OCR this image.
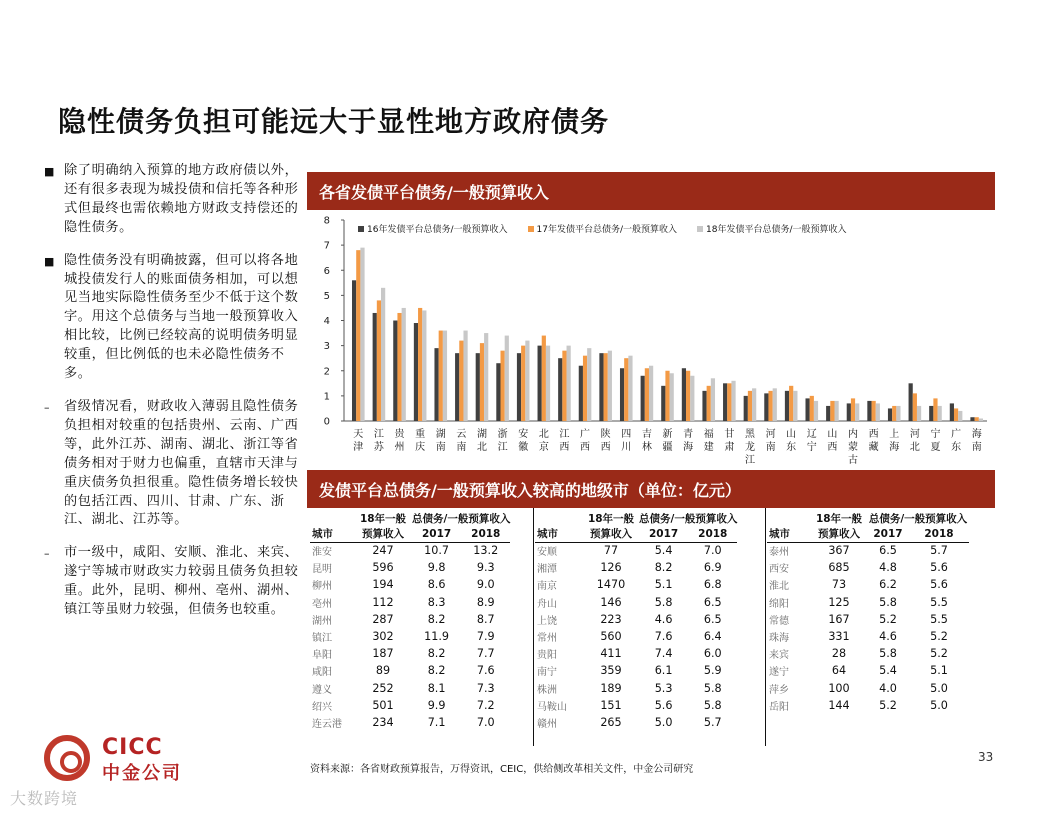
隐性债务负担可能远大于显性地方政府债务
■ 除了明确纳入预算的地方政府债以外，还有很多表现为城投债和信托等各种形式但最终也需依赖地方财政支持偿还的隐性债务。
■ 隐性债务没有明确披露，但可以将各地城投债发行人的账面债务相加，可以想见当地实际隐性债务至少不低于这个数字。用这个总债务与当地一般预算收入相比较，比例已经较高的说明债务明显较重，但比例低的也未必隐性债务不多。
–	省级情况看，财政收入薄弱且隐性债务负担相对较重的包括贵州、云南、广西等，此外江苏、湖南、湖北、浙江等省债务相对于财力也偏重，直辖市天津与重庆债务负担很重。隐性债务增长较快的包括江西、四川、甘肃、广东、浙江、湖北、江苏等。
–	市一级中，咸阳、安顺、淮北、来宾、遂宁等城市财政实力较弱且债务负担较重。此外，昆明、柳州、亳州、湖州、镇江等虽财力较强，但债务也较重。
各省发债平台债务/一般预算收入
0
1
2
3
4
5
6
7
8
16年发债平台总债务/一般预算收入	17年发债平台总债务/一般预算收入	18年发债平台总债务/一般预算收入
天
津
江
苏
贵
州
重
庆
湖
南
云
南
湖
北
浙
江
安
徽
北
京
江
西
广
西
陕
西
四
川
吉
林
新
疆
青
海
福
建
甘
肃
黑
龙
江
河
南
山
东
辽
宁
山
西
内
蒙
古
西
藏
上
海
河
北
宁
夏
广
东
海
南
发债平台总债务/一般预算收入较高的地级市（单位：亿元）
	18年一般	总债务/一般预算收入	
城市	预算收入	2017	2018
淮安	247	10.7	13.2
昆明	596	9.8	9.3
柳州	194	8.6	9.0
亳州	112	8.3	8.9
湖州	287	8.2	8.7
镇江	302	11.9	7.9
阜阳	187	8.2	7.7
咸阳	89	8.2	7.6
遵义	252	8.1	7.3
绍兴	501	9.9	7.2
连云港	234	7.1	7.0
	18年一般	总债务/一般预算收入	
城市	预算收入	2017	2018
安顺	77	5.4	7.0
湘潭	126	8.2	6.9
南京	1470	5.1	6.8
舟山	146	5.8	6.5
上饶	223	4.6	6.5
常州	560	7.6	6.4
贵阳	411	7.4	6.0
南宁	359	6.1	5.9
株洲	189	5.3	5.8
马鞍山	151	5.6	5.8
赣州	265	5.0	5.7
	18年一般	总债务/一般预算收入	
城市	预算收入	2017	2018
泰州	367	6.5	5.7
西安	685	4.8	5.6
淮北	73	6.2	5.6
绵阳	125	5.8	5.5
常德	167	5.2	5.5
珠海	331	4.6	5.2
来宾	28	5.8	5.2
遂宁	64	5.4	5.1
萍乡	100	4.0	5.0
岳阳	144	5.2	5.0
资料来源：各省财政预算报告，万得资讯，CEIC，供给侧改革相关文件，中金公司研究
33
CICC
中金公司
大数跨境
